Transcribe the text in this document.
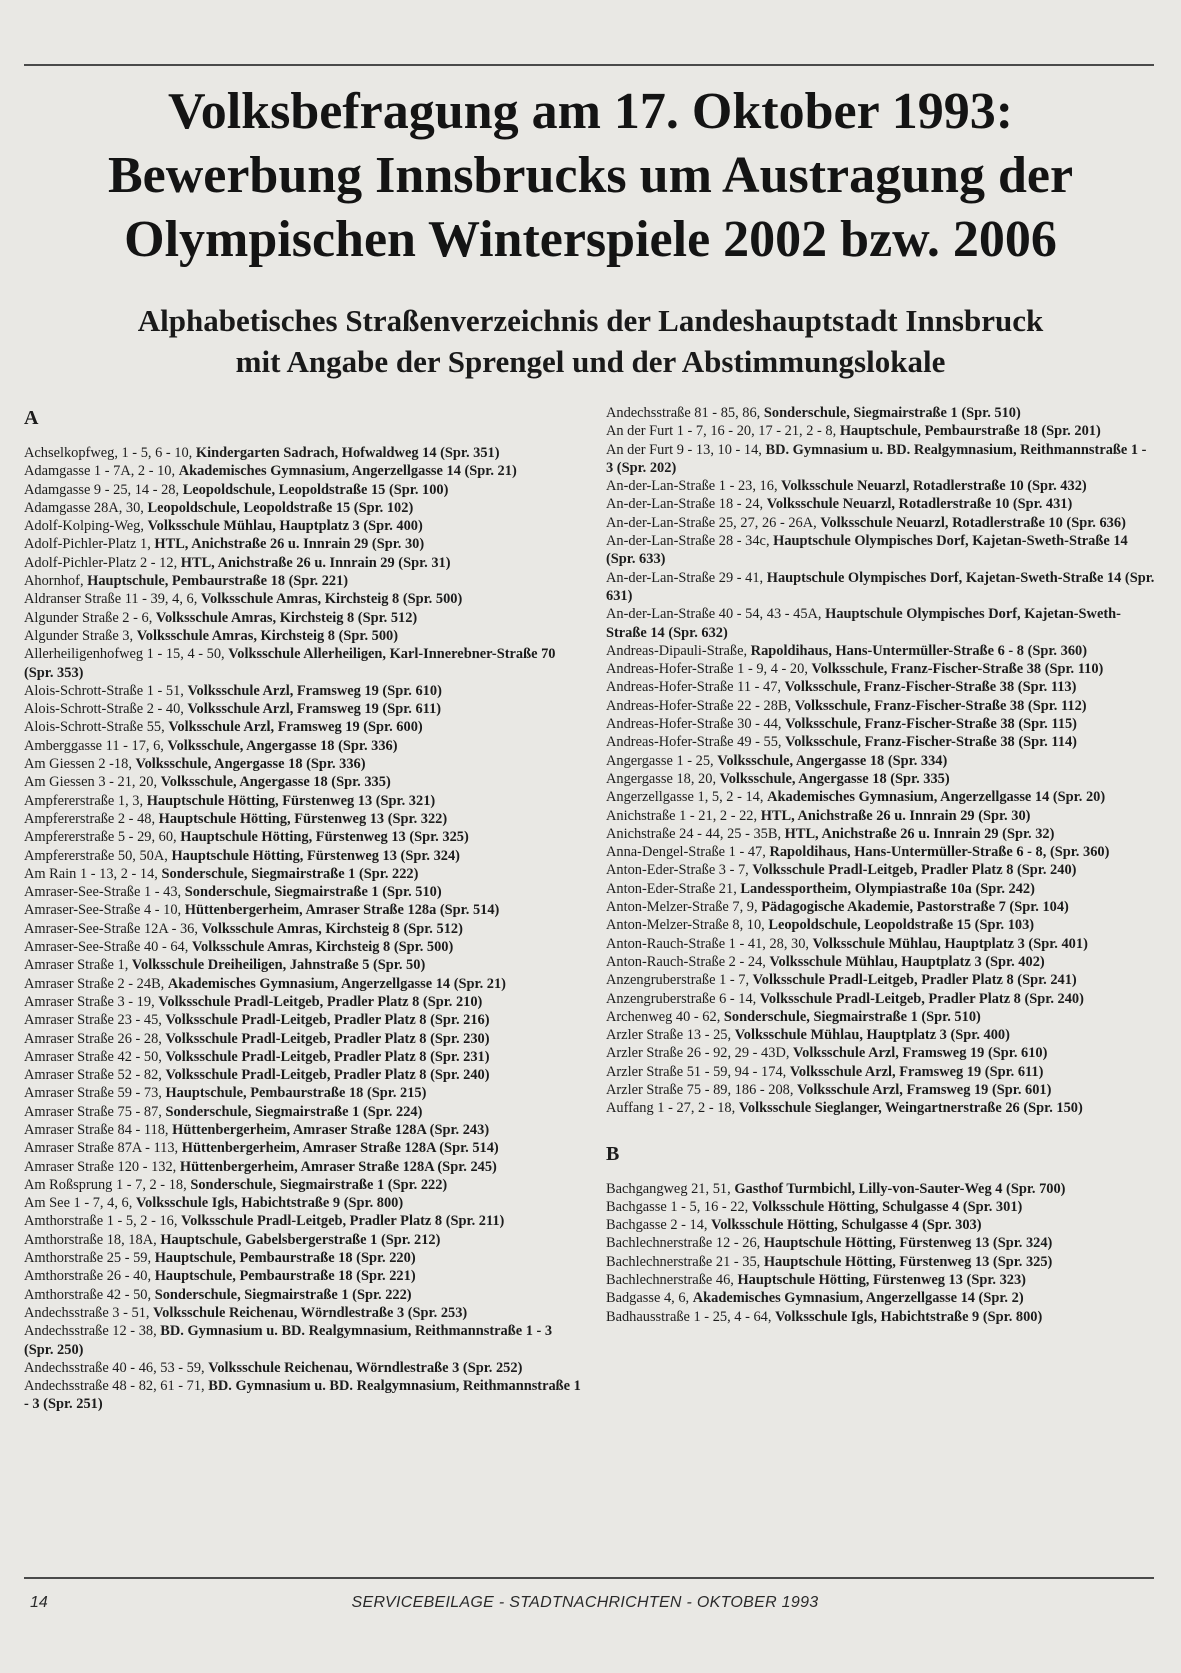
Volksbefragung am 17. Oktober 1993:
Bewerbung Innsbrucks um Austragung der
Olympischen Winterspiele 2002 bzw. 2006
Alphabetisches Straßenverzeichnis der Landeshauptstadt Innsbruck
mit Angabe der Sprengel und der Abstimmungslokale
A

Achselkopfweg, 1 - 5, 6 - 10, Kindergarten Sadrach, Hofwaldweg 14 (Spr. 351)

Adamgasse 1 - 7A, 2 - 10, Akademisches Gymnasium, Angerzellgasse 14 (Spr. 21)

Adamgasse 9 - 25, 14 - 28, Leopoldschule, Leopoldstraße 15 (Spr. 100)

Adamgasse 28A, 30, Leopoldschule, Leopoldstraße 15 (Spr. 102)

Adolf-Kolping-Weg, Volksschule Mühlau, Hauptplatz 3 (Spr. 400)

Adolf-Pichler-Platz 1, HTL, Anichstraße 26 u. Innrain 29 (Spr. 30)

Adolf-Pichler-Platz 2 - 12, HTL, Anichstraße 26 u. Innrain 29 (Spr. 31)

Ahornhof, Hauptschule, Pembaurstraße 18 (Spr. 221)

Aldranser Straße 11 - 39, 4, 6, Volksschule Amras, Kirchsteig 8 (Spr. 500)

Algunder Straße 2 - 6, Volksschule Amras, Kirchsteig 8 (Spr. 512)

Algunder Straße 3, Volksschule Amras, Kirchsteig 8 (Spr. 500)

Allerheiligenhofweg 1 - 15, 4 - 50, Volksschule Allerheiligen, Karl-Innerebner-Straße 70 (Spr. 353)

Alois-Schrott-Straße 1 - 51, Volksschule Arzl, Framsweg 19 (Spr. 610)

Alois-Schrott-Straße 2 - 40, Volksschule Arzl, Framsweg 19 (Spr. 611)

Alois-Schrott-Straße 55, Volksschule Arzl, Framsweg 19 (Spr. 600)

Amberggasse 11 - 17, 6, Volksschule, Angergasse 18 (Spr. 336)

Am Giessen 2 -18, Volksschule, Angergasse 18 (Spr. 336)

Am Giessen 3 - 21, 20, Volksschule, Angergasse 18 (Spr. 335)

Ampfererstraße 1, 3, Hauptschule Hötting, Fürstenweg 13 (Spr. 321)

Ampfererstraße 2 - 48, Hauptschule Hötting, Fürstenweg 13 (Spr. 322)

Ampfererstraße 5 - 29, 60, Hauptschule Hötting, Fürstenweg 13 (Spr. 325)

Ampfererstraße 50, 50A, Hauptschule Hötting, Fürstenweg 13 (Spr. 324)

Am Rain 1 - 13, 2 - 14, Sonderschule, Siegmairstraße 1 (Spr. 222)

Amraser-See-Straße 1 - 43, Sonderschule, Siegmairstraße 1 (Spr. 510)

Amraser-See-Straße 4 - 10, Hüttenbergerheim, Amraser Straße 128a (Spr. 514)

Amraser-See-Straße 12A - 36, Volksschule Amras, Kirchsteig 8 (Spr. 512)

Amraser-See-Straße 40 - 64, Volksschule Amras, Kirchsteig 8 (Spr. 500)

Amraser Straße 1, Volksschule Dreiheiligen, Jahnstraße 5 (Spr. 50)

Amraser Straße 2 - 24B, Akademisches Gymnasium, Angerzellgasse 14 (Spr. 21)

Amraser Straße 3 - 19, Volksschule Pradl-Leitgeb, Pradler Platz 8 (Spr. 210)

Amraser Straße 23 - 45, Volksschule Pradl-Leitgeb, Pradler Platz 8 (Spr. 216)

Amraser Straße 26 - 28, Volksschule Pradl-Leitgeb, Pradler Platz 8 (Spr. 230)

Amraser Straße 42 - 50, Volksschule Pradl-Leitgeb, Pradler Platz 8 (Spr. 231)

Amraser Straße 52 - 82, Volksschule Pradl-Leitgeb, Pradler Platz 8 (Spr. 240)

Amraser Straße 59 - 73, Hauptschule, Pembaurstraße 18 (Spr. 215)

Amraser Straße 75 - 87, Sonderschule, Siegmairstraße 1 (Spr. 224)

Amraser Straße 84 - 118, Hüttenbergerheim, Amraser Straße 128A (Spr. 243)

Amraser Straße 87A - 113, Hüttenbergerheim, Amraser Straße 128A (Spr. 514)

Amraser Straße 120 - 132, Hüttenbergerheim, Amraser Straße 128A (Spr. 245)

Am Roßsprung 1 - 7, 2 - 18, Sonderschule, Siegmairstraße 1 (Spr. 222)

Am See 1 - 7, 4, 6, Volksschule Igls, Habichtstraße 9 (Spr. 800)

Amthorstraße 1 - 5, 2 - 16, Volksschule Pradl-Leitgeb, Pradler Platz 8 (Spr. 211)

Amthorstraße 18, 18A, Hauptschule, Gabelsbergerstraße 1 (Spr. 212)

Amthorstraße 25 - 59, Hauptschule, Pembaurstraße 18 (Spr. 220)

Amthorstraße 26 - 40, Hauptschule, Pembaurstraße 18 (Spr. 221)

Amthorstraße 42 - 50, Sonderschule, Siegmairstraße 1 (Spr. 222)

Andechsstraße 3 - 51, Volksschule Reichenau, Wörndlestraße 3 (Spr. 253)

Andechsstraße 12 - 38, BD. Gymnasium u. BD. Realgymnasium, Reithmannstraße 1 - 3 (Spr. 250)

Andechsstraße 40 - 46, 53 - 59, Volksschule Reichenau, Wörndlestraße 3 (Spr. 252)

Andechsstraße 48 - 82, 61 - 71, BD. Gymnasium u. BD. Realgymnasium, Reithmannstraße 1 - 3 (Spr. 251)

Andechsstraße 81 - 85, 86, Sonderschule, Siegmairstraße 1 (Spr. 510)

An der Furt 1 - 7, 16 - 20, 17 - 21, 2 - 8, Hauptschule, Pembaurstraße 18 (Spr. 201)

An der Furt 9 - 13, 10 - 14, BD. Gymnasium u. BD. Realgymnasium, Reithmannstraße 1 - 3 (Spr. 202)

An-der-Lan-Straße 1 - 23, 16, Volksschule Neuarzl, Rotadlerstraße 10 (Spr. 432)

An-der-Lan-Straße 18 - 24, Volksschule Neuarzl, Rotadlerstraße 10 (Spr. 431)

An-der-Lan-Straße 25, 27, 26 - 26A, Volksschule Neuarzl, Rotadlerstraße 10 (Spr. 636)

An-der-Lan-Straße 28 - 34c, Hauptschule Olympisches Dorf, Kajetan-Sweth-Straße 14 (Spr. 633)

An-der-Lan-Straße 29 - 41, Hauptschule Olympisches Dorf, Kajetan-Sweth-Straße 14 (Spr. 631)

An-der-Lan-Straße 40 - 54, 43 - 45A, Hauptschule Olympisches Dorf, Kajetan-Sweth-Straße 14 (Spr. 632)

Andreas-Dipauli-Straße, Rapoldihaus, Hans-Untermüller-Straße 6 - 8 (Spr. 360)

Andreas-Hofer-Straße 1 - 9, 4 - 20, Volksschule, Franz-Fischer-Straße 38 (Spr. 110)

Andreas-Hofer-Straße 11 - 47, Volksschule, Franz-Fischer-Straße 38 (Spr. 113)

Andreas-Hofer-Straße 22 - 28B, Volksschule, Franz-Fischer-Straße 38 (Spr. 112)

Andreas-Hofer-Straße 30 - 44, Volksschule, Franz-Fischer-Straße 38 (Spr. 115)

Andreas-Hofer-Straße 49 - 55, Volksschule, Franz-Fischer-Straße 38 (Spr. 114)

Angergasse 1 - 25, Volksschule, Angergasse 18 (Spr. 334)

Angergasse 18, 20, Volksschule, Angergasse 18 (Spr. 335)

Angerzellgasse 1, 5, 2 - 14, Akademisches Gymnasium, Angerzellgasse 14 (Spr. 20)

Anichstraße 1 - 21, 2 - 22, HTL, Anichstraße 26 u. Innrain 29 (Spr. 30)

Anichstraße 24 - 44, 25 - 35B, HTL, Anichstraße 26 u. Innrain 29 (Spr. 32)

Anna-Dengel-Straße 1 - 47, Rapoldihaus, Hans-Untermüller-Straße 6 - 8, (Spr. 360)

Anton-Eder-Straße 3 - 7, Volksschule Pradl-Leitgeb, Pradler Platz 8 (Spr. 240)

Anton-Eder-Straße 21, Landessportheim, Olympiastraße 10a (Spr. 242)

Anton-Melzer-Straße 7, 9, Pädagogische Akademie, Pastorstraße 7 (Spr. 104)

Anton-Melzer-Straße 8, 10, Leopoldschule, Leopoldstraße 15 (Spr. 103)

Anton-Rauch-Straße 1 - 41, 28, 30, Volksschule Mühlau, Hauptplatz 3 (Spr. 401)

Anton-Rauch-Straße 2 - 24, Volksschule Mühlau, Hauptplatz 3 (Spr. 402)

Anzengruberstraße 1 - 7, Volksschule Pradl-Leitgeb, Pradler Platz 8 (Spr. 241)

Anzengruberstraße 6 - 14, Volksschule Pradl-Leitgeb, Pradler Platz 8 (Spr. 240)

Archenweg 40 - 62, Sonderschule, Siegmairstraße 1 (Spr. 510)

Arzler Straße 13 - 25, Volksschule Mühlau, Hauptplatz 3 (Spr. 400)

Arzler Straße 26 - 92, 29 - 43D, Volksschule Arzl, Framsweg 19 (Spr. 610)

Arzler Straße 51 - 59, 94 - 174, Volksschule Arzl, Framsweg 19 (Spr. 611)

Arzler Straße 75 - 89, 186 - 208, Volksschule Arzl, Framsweg 19 (Spr. 601)

Auffang 1 - 27, 2 - 18, Volksschule Sieglanger, Weingartnerstraße 26 (Spr. 150)

B

Bachgangweg 21, 51, Gasthof Turmbichl, Lilly-von-Sauter-Weg 4 (Spr. 700)

Bachgasse 1 - 5, 16 - 22, Volksschule Hötting, Schulgasse 4 (Spr. 301)

Bachgasse 2 - 14, Volksschule Hötting, Schulgasse 4 (Spr. 303)

Bachlechnerstraße 12 - 26, Hauptschule Hötting, Fürstenweg 13 (Spr. 324)

Bachlechnerstraße 21 - 35, Hauptschule Hötting, Fürstenweg 13 (Spr. 325)

Bachlechnerstraße 46, Hauptschule Hötting, Fürstenweg 13 (Spr. 323)

Badgasse 4, 6, Akademisches Gymnasium, Angerzellgasse 14 (Spr. 2)

Badhausstraße 1 - 25, 4 - 64, Volksschule Igls, Habichtstraße 9 (Spr. 800)

SERVICEBEILAGE - STADTNACHRICHTEN - OKTOBER 1993
14
